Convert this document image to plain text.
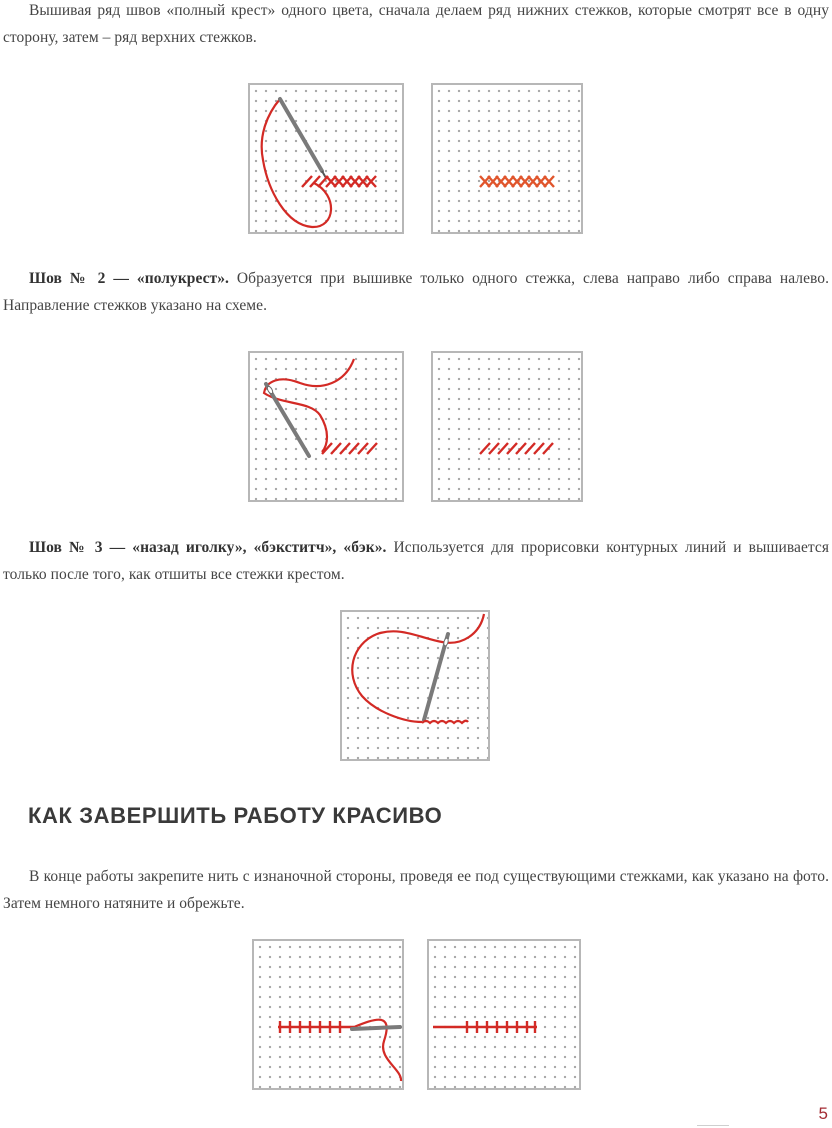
Вышивая ряд швов «полный крест» одного цвета, сначала делаем ряд нижних стежков, которые смотрят все в одну сторону, затем – ряд верхних стежков.

Шов № 2 — «полукрест». Образуется при вышивке только одного стежка, слева направо либо справа налево. Направление стежков указано на схеме.

Шов № 3 — «назад иголку», «бэкститч», «бэк». Используется для прорисовки контурных линий и вышивается только после того, как отшиты все стежки крестом.

КАК ЗАВЕРШИТЬ РАБОТУ КРАСИВО

В конце работы закрепите нить с изнаночной стороны, проведя ее под существующими стежками, как указано на фото. Затем немного натяните и обрежьте.

5
